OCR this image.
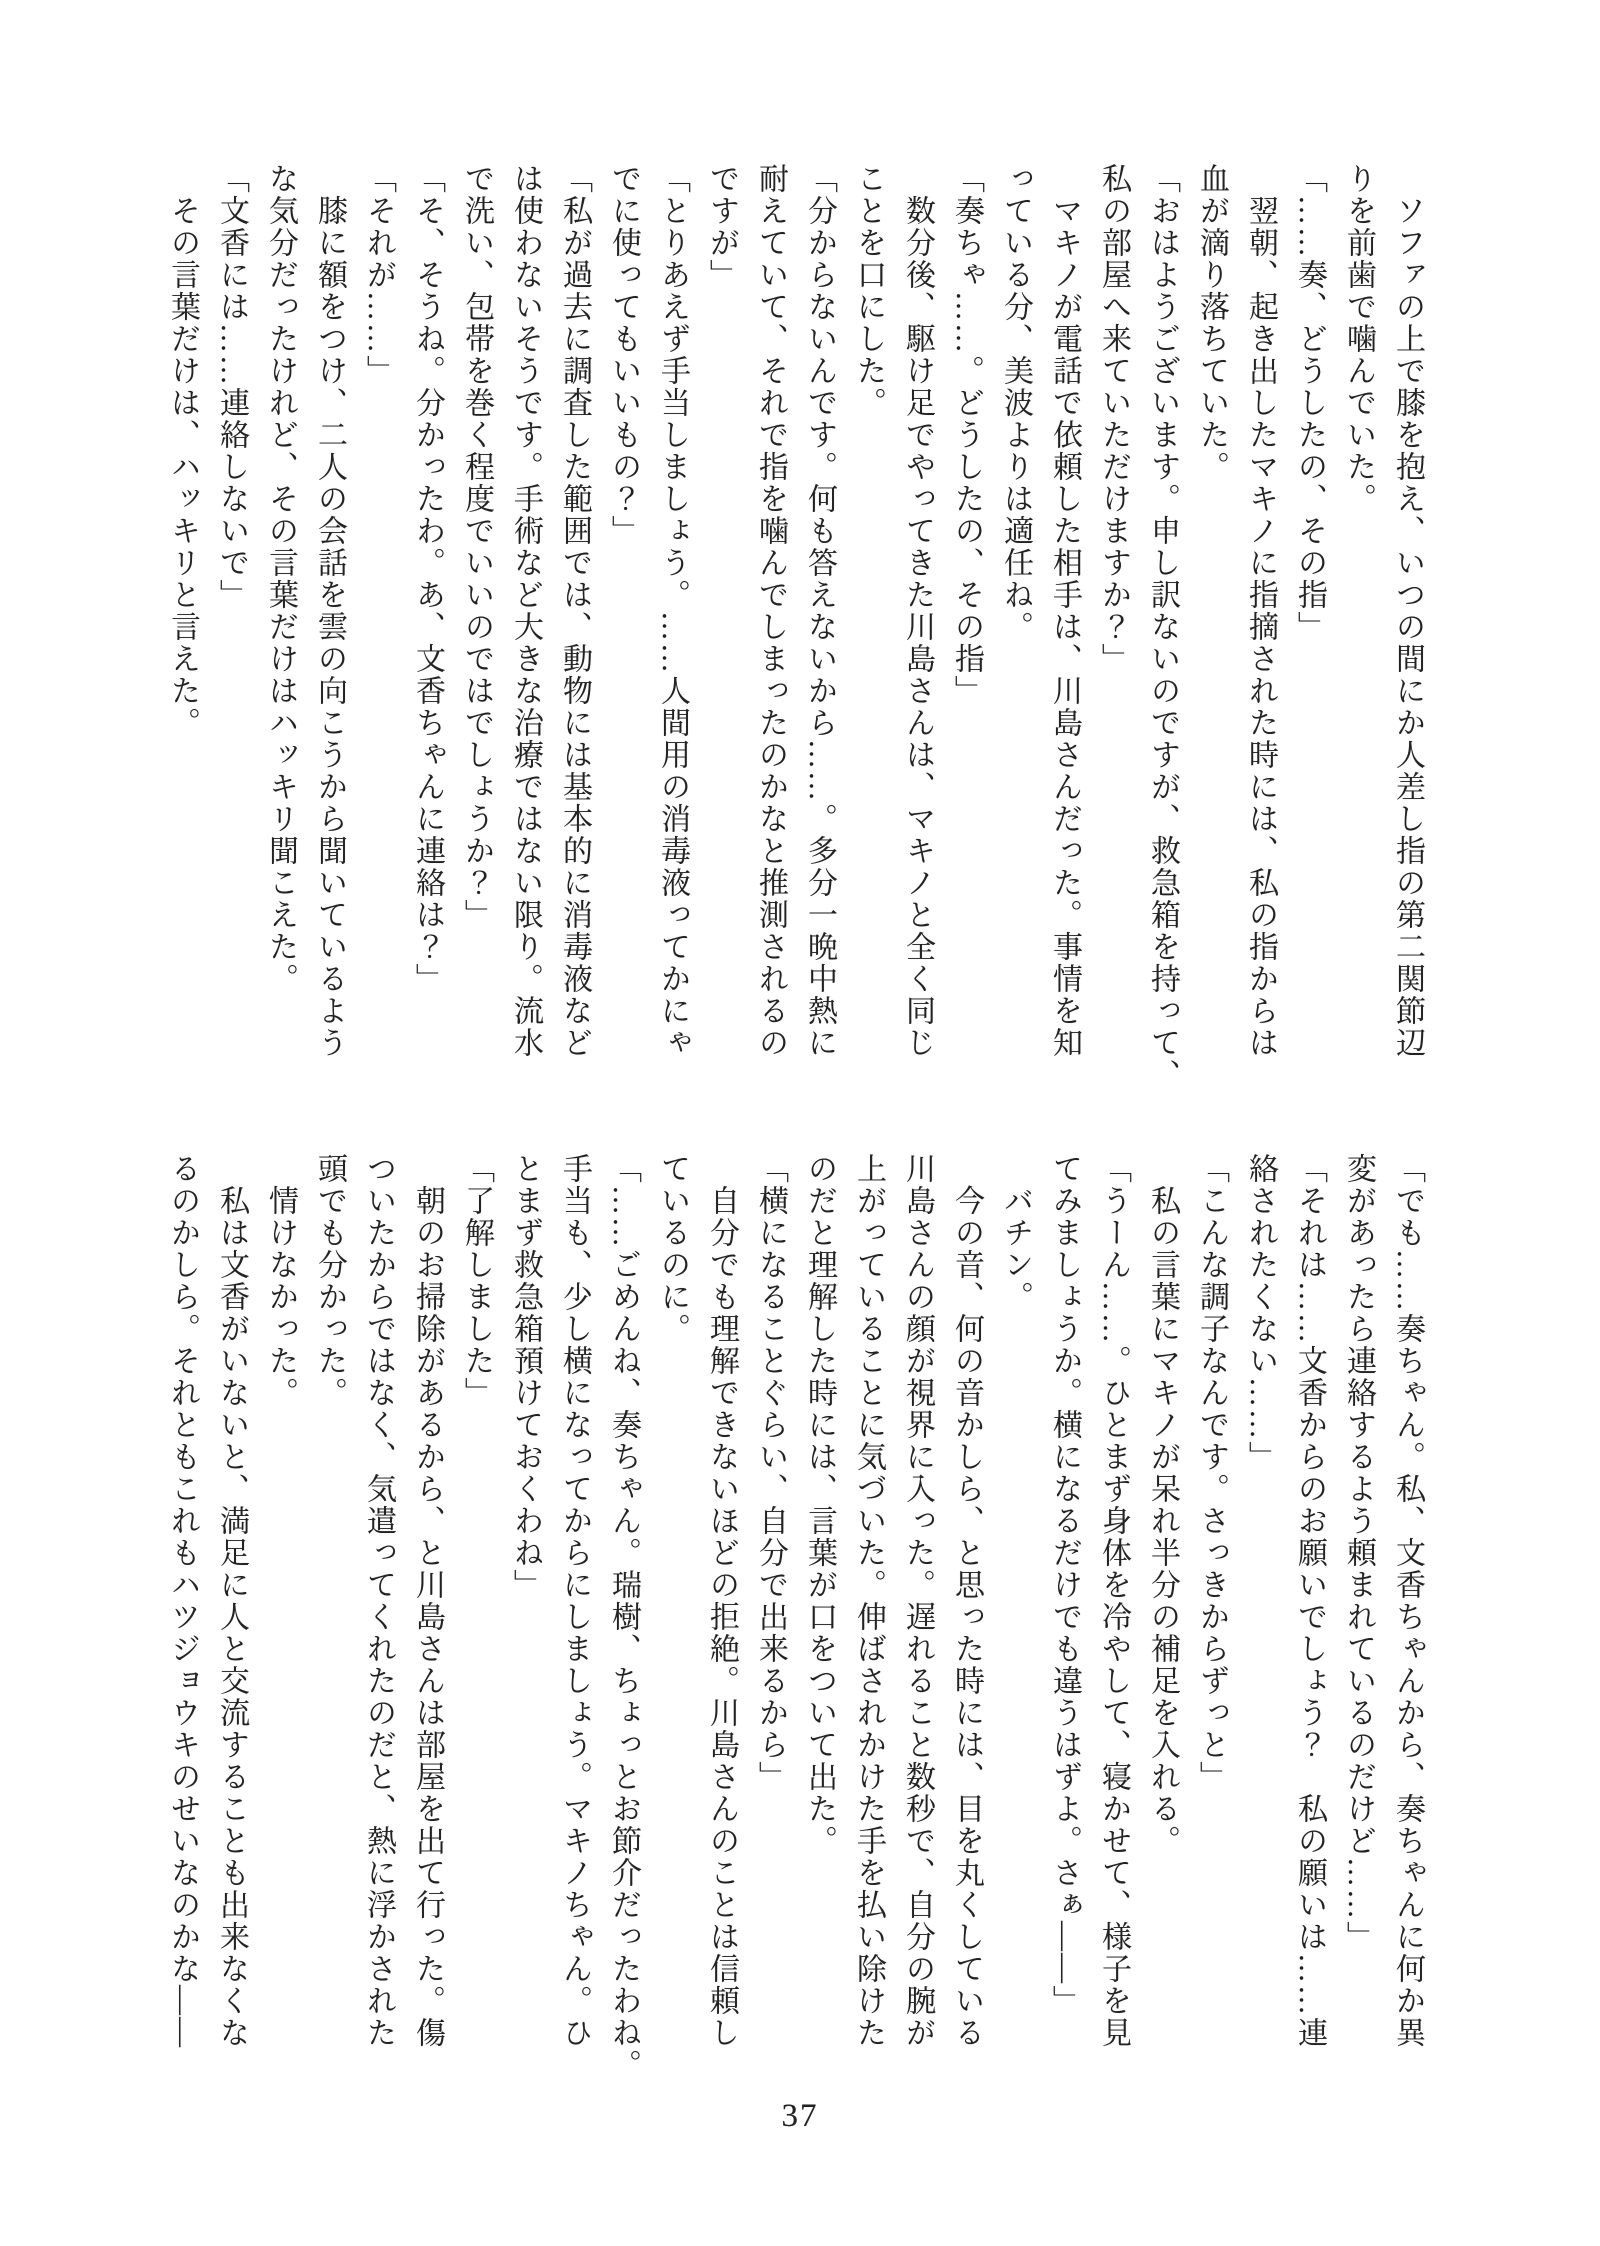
　ソファの上で膝を抱え、いつの間にか人差し指の第二関節辺

りを前歯で噛んでいた。

「……奏、どうしたの、その指」

　翌朝、起き出したマキノに指摘された時には、私の指からは

血が滴り落ちていた。

「おはようございます。申し訳ないのですが、救急箱を持って、

私の部屋へ来ていただけますか？」

　マキノが電話で依頼した相手は、川島さんだった。事情を知

っている分、美波よりは適任ね。

「奏ちゃ……。どうしたの、その指」

　数分後、駆け足でやってきた川島さんは、マキノと全く同じ

ことを口にした。

「分からないんです。何も答えないから……。多分一晩中熱に

耐えていて、それで指を噛んでしまったのかなと推測されるの

ですが」

「とりあえず手当しましょう。……人間用の消毒液ってかにゃ

でに使ってもいいもの？」

「私が過去に調査した範囲では、動物には基本的に消毒液など

は使わないそうです。手術など大きな治療ではない限り。流水

で洗い、包帯を巻く程度でいいのではでしょうか？」

「そ、そうね。分かったわ。あ、文香ちゃんに連絡は？」

「それが……」

　膝に額をつけ、二人の会話を雲の向こうから聞いているよう

な気分だったけれど、その言葉だけはハッキリ聞こえた。

「文香には……連絡しないで」

　その言葉だけは、ハッキリと言えた。

「でも……奏ちゃん。私、文香ちゃんから、奏ちゃんに何か異

変があったら連絡するよう頼まれているのだけど……」

「それは……文香からのお願いでしょう？　私の願いは……連

絡されたくない……」

「こんな調子なんです。さっきからずっと」

　私の言葉にマキノが呆れ半分の補足を入れる。

「うーん……。ひとまず身体を冷やして、寝かせて、様子を見

てみましょうか。横になるだけでも違うはずよ。さぁ——」

　バチン。

　今の音、何の音かしら、と思った時には、目を丸くしている

川島さんの顔が視界に入った。遅れること数秒で、自分の腕が

上がっていることに気づいた。伸ばされかけた手を払い除けた

のだと理解した時には、言葉が口をついて出た。

「横になることぐらい、自分で出来るから」

　自分でも理解できないほどの拒絶。川島さんのことは信頼し

ているのに。

「……ごめんね、奏ちゃん。瑞樹、ちょっとお節介だったわね。

手当も、少し横になってからにしましょう。マキノちゃん。ひ

とまず救急箱預けておくわね」

「了解しました」

　朝のお掃除があるから、と川島さんは部屋を出て行った。傷

ついたからではなく、気遣ってくれたのだと、熱に浮かされた

頭でも分かった。

　情けなかった。

　私は文香がいないと、満足に人と交流することも出来なくな

るのかしら。それともこれもハツジョウキのせいなのかな——

37
